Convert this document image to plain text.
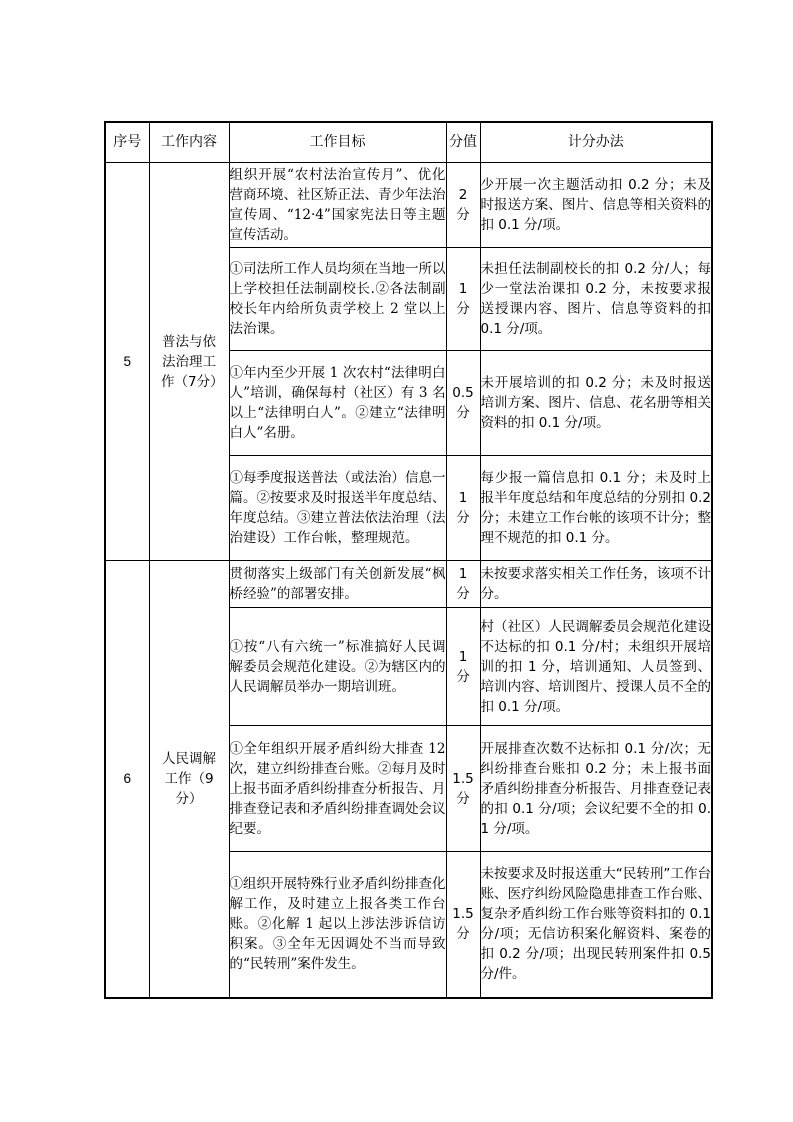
序号	工作内容	工作目标	分值	计分办法
5	普法与依法治理工作（7分）	组织开展“农村法治宣传月”、优化营商环境、社区矫正法、青少年法治宣传周、“12·4”国家宪法日等主题宣传活动。	2分	少开展一次主题活动扣 0.2 分；未及时报送方案、图片、信息等相关资料的扣 0.1 分/项。
		①司法所工作人员均须在当地一所以上学校担任法制副校长.②各法制副校长年内给所负责学校上 2 堂以上法治课。	1分	未担任法制副校长的扣 0.2 分/人；每少一堂法治课扣 0.2 分，未按要求报送授课内容、图片、信息等资料的扣 0.1 分/项。
		①年内至少开展 1 次农村“法律明白人”培训，确保每村（社区）有 3 名以上“法律明白人”。②建立“法律明白人”名册。	0.5分	未开展培训的扣 0.2 分；未及时报送培训方案、图片、信息、花名册等相关资料的扣 0.1 分/项。
		①每季度报送普法（或法治）信息一篇。②按要求及时报送半年度总结、年度总结。③建立普法依法治理（法治建设）工作台帐，整理规范。	1分	每少报一篇信息扣 0.1 分；未及时上报半年度总结和年度总结的分别扣 0.2 分；未建立工作台帐的该项不计分；整理不规范的扣 0.1 分。
6	人民调解工作（9分）	贯彻落实上级部门有关创新发展“枫桥经验”的部署安排。	1分	未按要求落实相关工作任务，该项不计分。
		①按“八有六统一”标准搞好人民调解委员会规范化建设。②为辖区内的人民调解员举办一期培训班。	1分	村（社区）人民调解委员会规范化建设不达标的扣 0.1 分/村；未组织开展培训的扣 1 分，培训通知、人员签到、培训内容、培训图片、授课人员不全的扣 0.1 分/项。
		①全年组织开展矛盾纠纷大排查 12 次，建立纠纷排查台账。②每月及时上报书面矛盾纠纷排查分析报告、月排查登记表和矛盾纠纷排查调处会议纪要。	1.5分	开展排查次数不达标扣 0.1 分/次；无纠纷排查台账扣 0.2 分；未上报书面矛盾纠纷排查分析报告、月排查登记表的扣 0.1 分/项；会议纪要不全的扣 0.1 分/项。
		①组织开展特殊行业矛盾纠纷排查化解工作，及时建立上报各类工作台账。②化解 1 起以上涉法涉诉信访积案。③全年无因调处不当而导致的“民转刑”案件发生。	1.5分	未按要求及时报送重大“民转刑”工作台账、医疗纠纷风险隐患排查工作台账、复杂矛盾纠纷工作台账等资料扣的 0.1 分/项；无信访积案化解资料、案卷的扣 0.2 分/项；出现民转刑案件扣 0.5 分/件。
